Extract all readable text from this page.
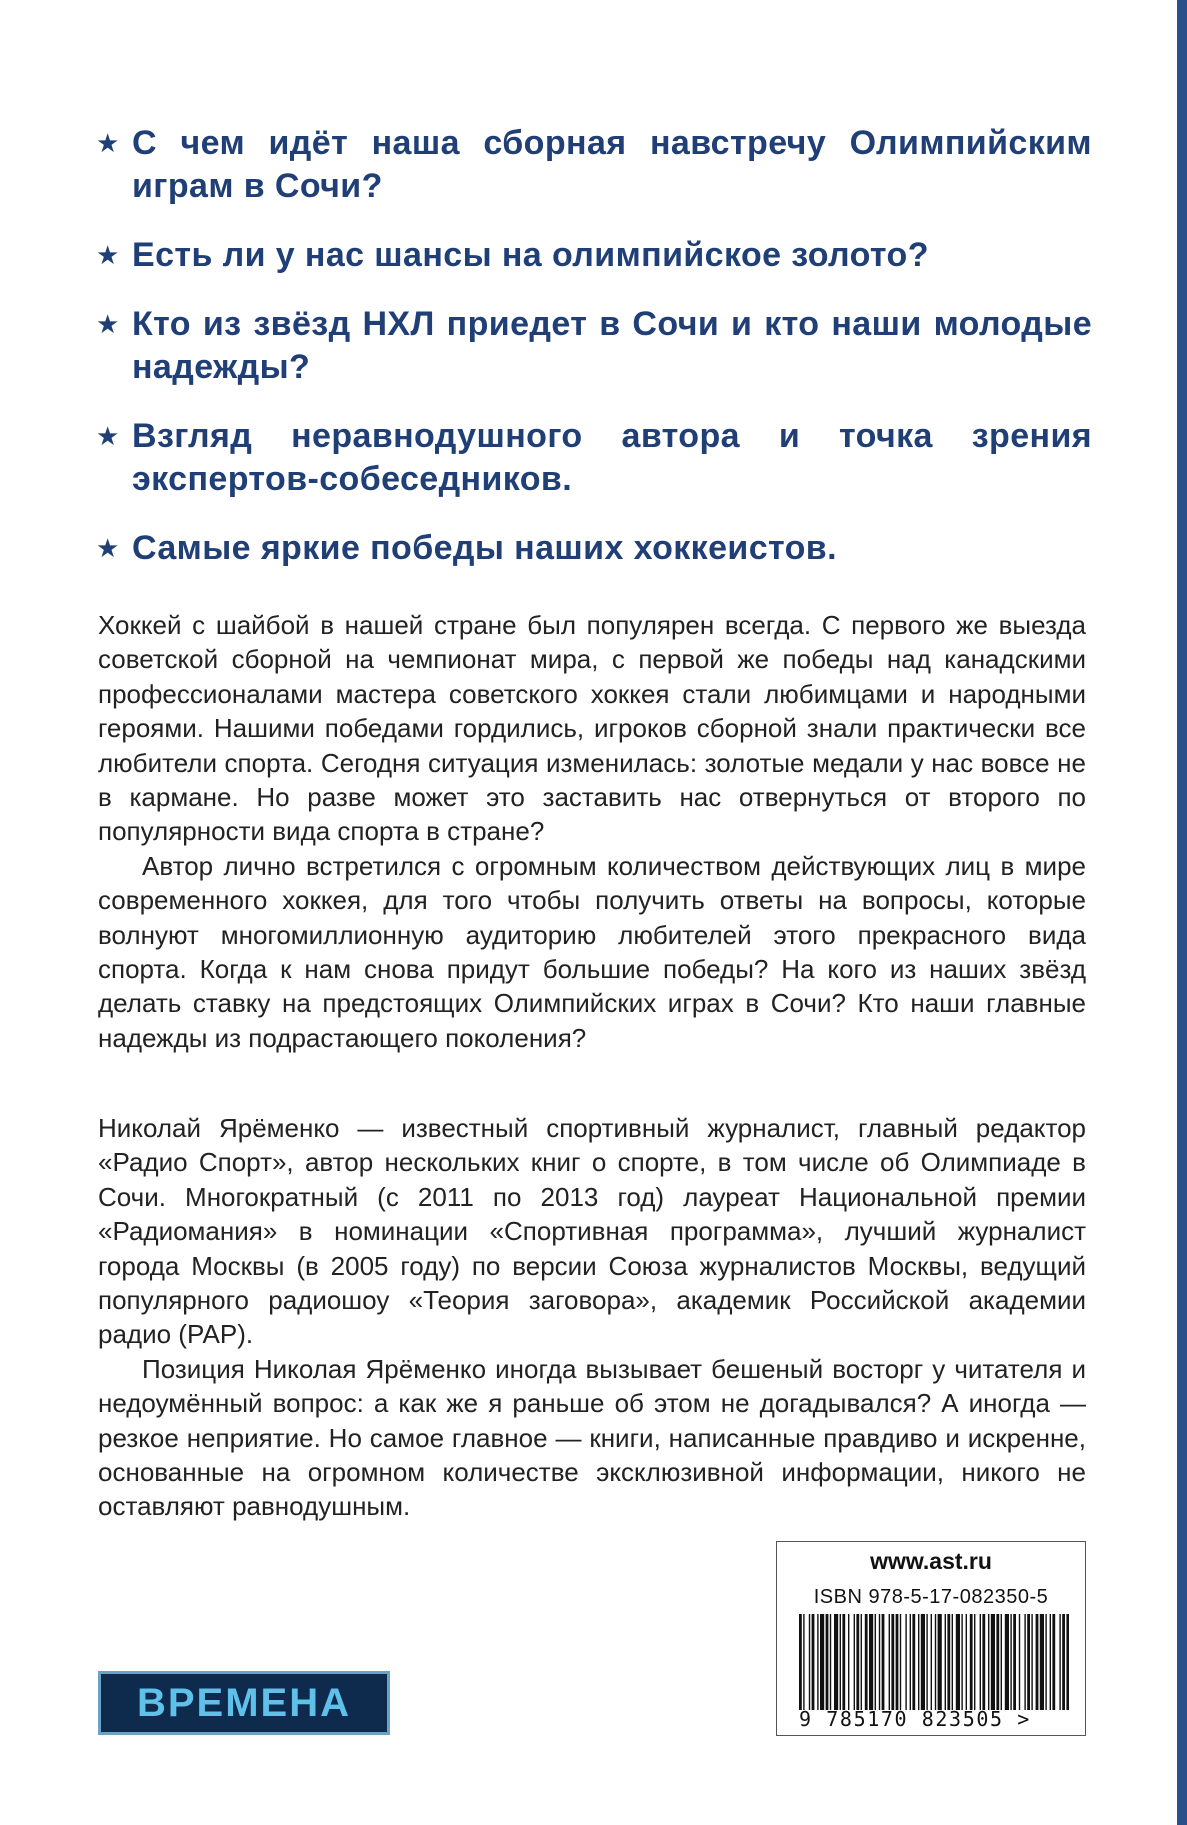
★ С чем идёт наша сборная навстречу Олимпийским играм в Сочи?
★ Есть ли у нас шансы на олимпийское золото?
★ Кто из звёзд НХЛ приедет в Сочи и кто наши молодые надежды?
★ Взгляд неравнодушного автора и точка зрения экспертов-собеседников.
★ Самые яркие победы наших хоккеистов.

Хоккей с шайбой в нашей стране был популярен всегда. С первого же выезда советской сборной на чемпионат мира, с первой же победы над канадскими профессионалами мастера советского хоккея стали любимцами и народными героями. Нашими победами гордились, игроков сборной знали практически все любители спорта. Сегодня ситуация изменилась: золотые медали у нас вовсе не в кармане. Но разве может это заставить нас отвернуться от второго по популярности вида спорта в стране?

Автор лично встретился с огромным количеством действующих лиц в мире современного хоккея, для того чтобы получить ответы на вопросы, которые волнуют многомиллионную аудиторию любителей этого прекрасного вида спорта. Когда к нам снова придут большие победы? На кого из наших звёзд делать ставку на предстоящих Олимпийских играх в Сочи? Кто наши главные надежды из подрастающего поколения?

Николай Ярёменко — известный спортивный журналист, главный редактор «Радио Спорт», автор нескольких книг о спорте, в том числе об Олимпиаде в Сочи. Многократный (с 2011 по 2013 год) лауреат Национальной премии «Радиомания» в номинации «Спортивная программа», лучший журналист города Москвы (в 2005 году) по версии Союза журналистов Москвы, ведущий популярного радиошоу «Теория заговора», академик Российской академии радио (РАР).

Позиция Николая Ярёменко иногда вызывает бешеный восторг у читателя и недоумённый вопрос: а как же я раньше об этом не догадывался? А иногда — резкое неприятие. Но самое главное — книги, написанные правдиво и искренне, основанные на огромном количестве эксклюзивной информации, никого не оставляют равнодушным.

ВРЕМЕНА
www.ast.ru
ISBN 978-5-17-082350-5
9 785170 823505 >
